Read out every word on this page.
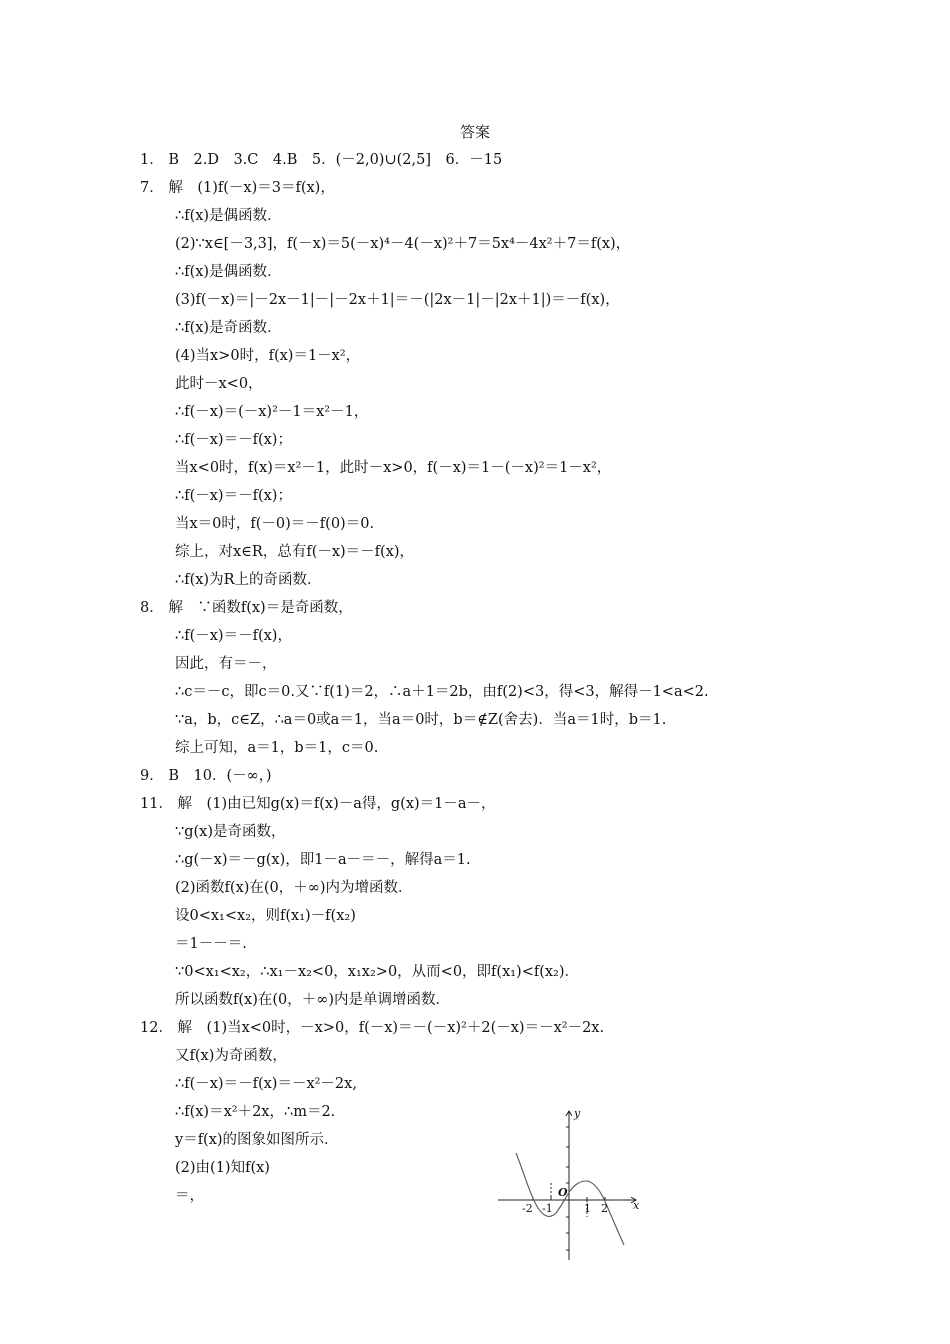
答案
1． B　2.D　3.C　4.B　5．(－2,0)∪(2,5]　6．－15
7． 解　(1)f(－x)＝3＝f(x)，
∴f(x)是偶函数．
(2)∵x∈[－3,3]，f(－x)＝5(－x)⁴－4(－x)²＋7＝5x⁴－4x²＋7＝f(x)，
∴f(x)是偶函数．
(3)f(－x)＝|－2x－1|－|－2x＋1|＝－(|2x－1|－|2x＋1|)＝－f(x)，
∴f(x)是奇函数．
(4)当x>0时，f(x)＝1－x²，
此时－x<0，
∴f(－x)＝(－x)²－1＝x²－1，
∴f(－x)＝－f(x)；
当x<0时，f(x)＝x²－1，此时－x>0，f(－x)＝1－(－x)²＝1－x²，
∴f(－x)＝－f(x)；
当x＝0时，f(－0)＝－f(0)＝0.
综上，对x∈R，总有f(－x)＝－f(x)，
∴f(x)为R上的奇函数．
8． 解　∵函数f(x)＝是奇函数，
∴f(－x)＝－f(x)，
因此，有＝－，
∴c＝－c，即c＝0.又∵f(1)＝2，∴a＋1＝2b，由f(2)<3，得<3，解得－1<a<2.
∵a，b，c∈Z，∴a＝0或a＝1，当a＝0时，b＝∉Z(舍去)．当a＝1时，b＝1.
综上可知，a＝1，b＝1，c＝0.
9． B　10．(－∞，)
11． 解　(1)由已知g(x)＝f(x)－a得，g(x)＝1－a－，
∵g(x)是奇函数，
∴g(－x)＝－g(x)，即1－a－＝－，解得a＝1.
(2)函数f(x)在(0，＋∞)内为增函数．
设0<x₁<x₂，则f(x₁)－f(x₂)
＝1－－＝.
∵0<x₁<x₂，∴x₁－x₂<0，x₁x₂>0，从而<0，即f(x₁)<f(x₂)．
所以函数f(x)在(0，＋∞)内是单调增函数．
12． 解　(1)当x<0时，－x>0，f(－x)＝－(－x)²＋2(－x)＝－x²－2x.
又f(x)为奇函数，
∴f(－x)＝－f(x)＝－x²－2x,
∴f(x)＝x²＋2x，∴m＝2.
y＝f(x)的图象如图所示．
(2)由(1)知f(x)
＝，
y
x
O
-2 -1	1 2
